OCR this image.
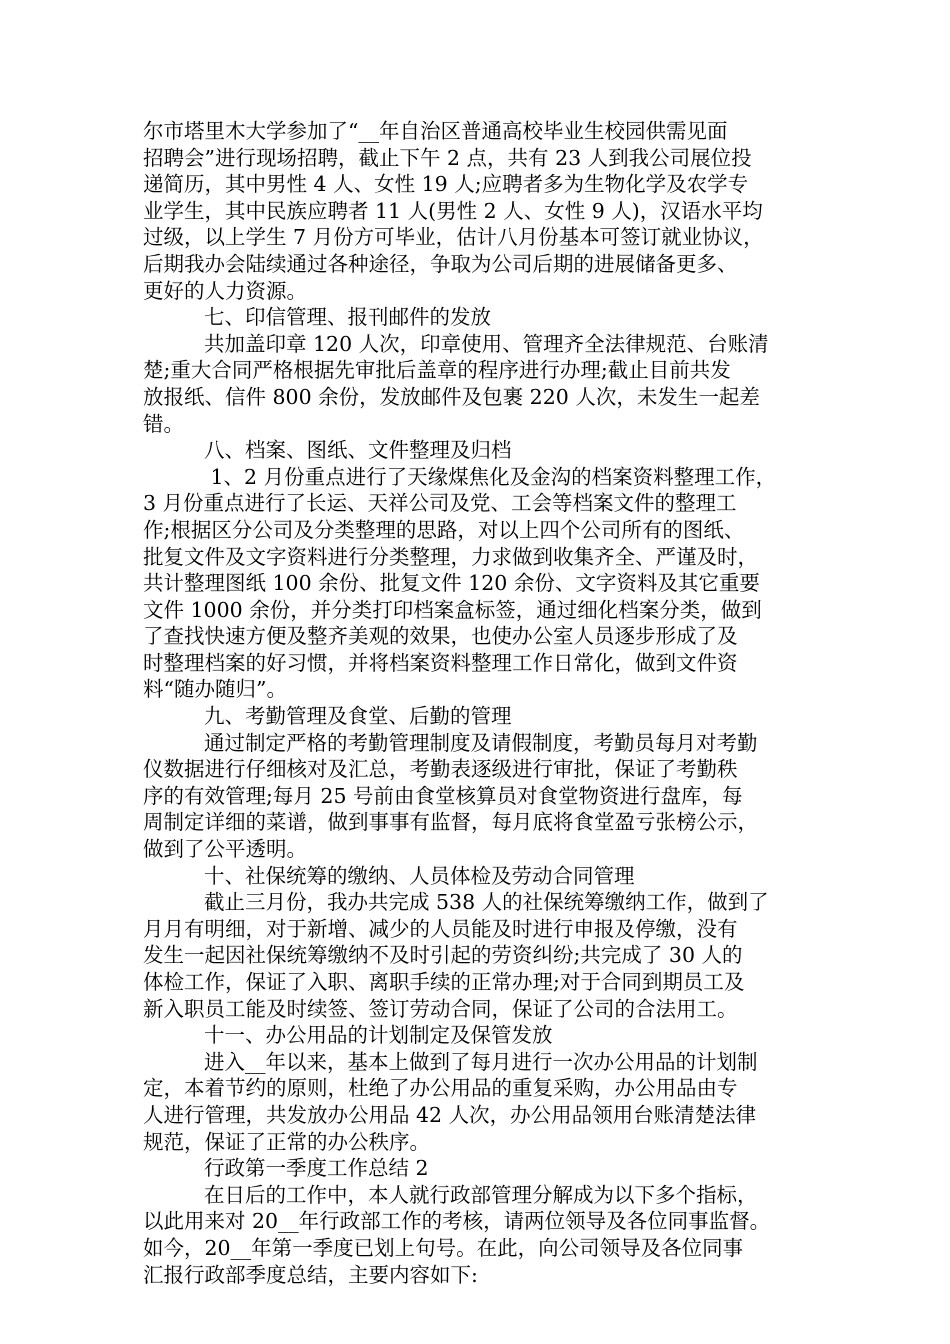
尔市塔里木大学参加了“__年自治区普通高校毕业生校园供需见面
招聘会”进行现场招聘，截止下午 2 点，共有 23 人到我公司展位投
递简历，其中男性 4 人、女性 19 人;应聘者多为生物化学及农学专
业学生，其中民族应聘者 11 人(男性 2 人、女性 9 人)，汉语水平均
过级，以上学生 7 月份方可毕业，估计八月份基本可签订就业协议，
后期我办会陆续通过各种途径，争取为公司后期的进展储备更多、
更好的人力资源。
七、印信管理、报刊邮件的发放
共加盖印章 120 人次，印章使用、管理齐全法律规范、台账清
楚;重大合同严格根据先审批后盖章的程序进行办理;截止目前共发
放报纸、信件 800 余份，发放邮件及包裹 220 人次，未发生一起差
错。
八、档案、图纸、文件整理及归档
1、2 月份重点进行了天缘煤焦化及金沟的档案资料整理工作，
3 月份重点进行了长运、天祥公司及党、工会等档案文件的整理工
作;根据区分公司及分类整理的思路，对以上四个公司所有的图纸、
批复文件及文字资料进行分类整理，力求做到收集齐全、严谨及时，
共计整理图纸 100 余份、批复文件 120 余份、文字资料及其它重要
文件 1000 余份，并分类打印档案盒标签，通过细化档案分类，做到
了查找快速方便及整齐美观的效果，也使办公室人员逐步形成了及
时整理档案的好习惯，并将档案资料整理工作日常化，做到文件资
料“随办随归”。
九、考勤管理及食堂、后勤的管理
通过制定严格的考勤管理制度及请假制度，考勤员每月对考勤
仪数据进行仔细核对及汇总，考勤表逐级进行审批，保证了考勤秩
序的有效管理;每月 25 号前由食堂核算员对食堂物资进行盘库，每
周制定详细的菜谱，做到事事有监督，每月底将食堂盈亏张榜公示，
做到了公平透明。
十、社保统筹的缴纳、人员体检及劳动合同管理
截止三月份，我办共完成 538 人的社保统筹缴纳工作，做到了
月月有明细，对于新增、减少的人员能及时进行申报及停缴，没有
发生一起因社保统筹缴纳不及时引起的劳资纠纷;共完成了 30 人的
体检工作，保证了入职、离职手续的正常办理;对于合同到期员工及
新入职员工能及时续签、签订劳动合同，保证了公司的合法用工。
十一、办公用品的计划制定及保管发放
进入__年以来，基本上做到了每月进行一次办公用品的计划制
定，本着节约的原则，杜绝了办公用品的重复采购，办公用品由专
人进行管理，共发放办公用品 42 人次，办公用品领用台账清楚法律
规范，保证了正常的办公秩序。
行政第一季度工作总结 2
在日后的工作中，本人就行政部管理分解成为以下多个指标，
以此用来对 20__年行政部工作的考核，请两位领导及各位同事监督。
如今，20__年第一季度已划上句号。在此，向公司领导及各位同事
汇报行政部季度总结，主要内容如下:
